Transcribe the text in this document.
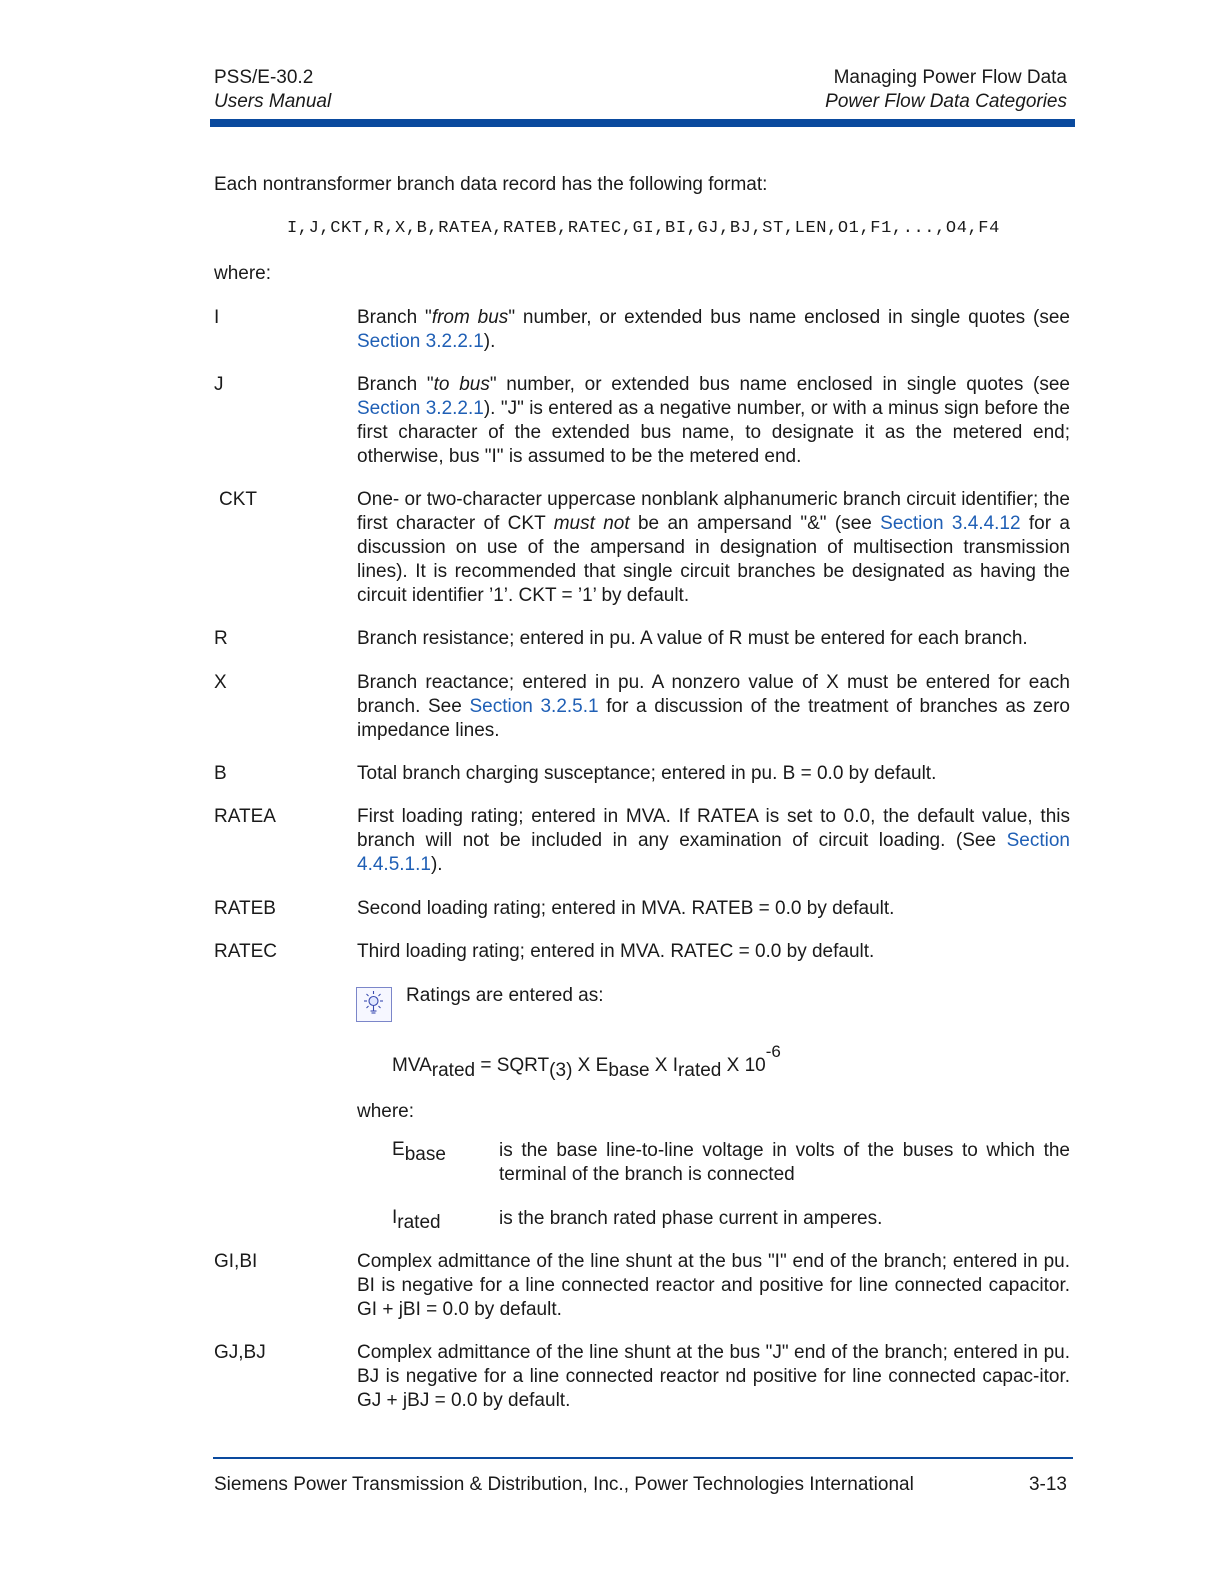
PSS/E-30.2
Users Manual
Managing Power Flow Data
Power Flow Data Categories
Each nontransformer branch data record has the following format:
I,J,CKT,R,X,B,RATEA,RATEB,RATEC,GI,BI,GJ,BJ,ST,LEN,O1,F1,...,O4,F4
where:
I	Branch "from bus" number, or extended bus name enclosed in single quotes (see Section 3.2.2.1).
J	Branch "to bus" number, or extended bus name enclosed in single quotes (see Section 3.2.2.1). "J" is entered as a negative number, or with a minus sign before the first character of the extended bus name, to designate it as the metered end; otherwise, bus "I" is assumed to be the metered end.
CKT	One- or two-character uppercase nonblank alphanumeric branch circuit identifier; the first character of CKT must not be an ampersand "&" (see Section 3.4.4.12 for a discussion on use of the ampersand in designation of multisection transmission lines). It is recommended that single circuit branches be designated as having the circuit identifier ’1’. CKT = ’1’ by default.
R	Branch resistance; entered in pu. A value of R must be entered for each branch.
X	Branch reactance; entered in pu. A nonzero value of X must be entered for each branch. See Section 3.2.5.1 for a discussion of the treatment of branches as zero impedance lines.
B	Total branch charging susceptance; entered in pu. B = 0.0 by default.
RATEA	First loading rating; entered in MVA. If RATEA is set to 0.0, the default value, this branch will not be included in any examination of circuit loading. (See Section 4.4.5.1.1).
RATEB	Second loading rating; entered in MVA. RATEB = 0.0 by default.
RATEC	Third loading rating; entered in MVA. RATEC = 0.0 by default.
Ratings are entered as:
MVArated = SQRT(3) X Ebase X Irated X 10-6
where:
Ebase	is the base line-to-line voltage in volts of the buses to which the terminal of the branch is connected
Irated	is the branch rated phase current in amperes.
GI,BI	Complex admittance of the line shunt at the bus "I" end of the branch; entered in pu. BI is negative for a line connected reactor and positive for line connected capacitor. GI + jBI = 0.0 by default.
GJ,BJ	Complex admittance of the line shunt at the bus "J" end of the branch; entered in pu. BJ is negative for a line connected reactor nd positive for line connected capac-itor. GJ + jBJ = 0.0 by default.
Siemens Power Transmission & Distribution, Inc., Power Technologies International	3-13
